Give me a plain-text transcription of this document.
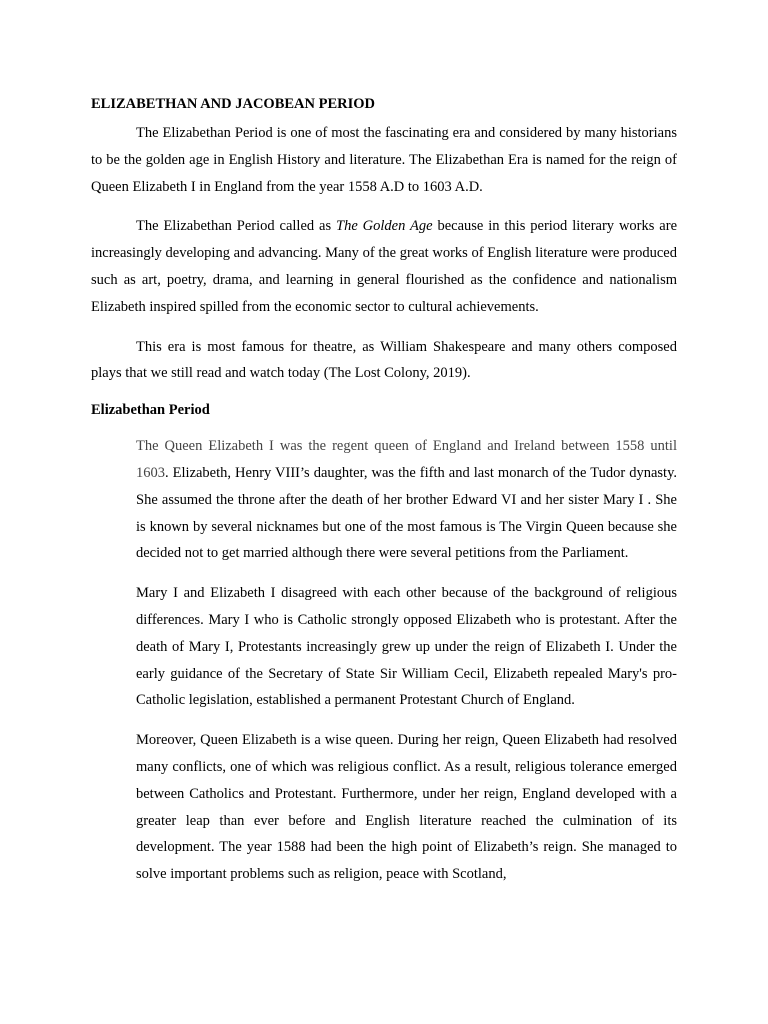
ELIZABETHAN AND JACOBEAN PERIOD

The Elizabethan Period is one of most the fascinating era and considered by many historians to be the golden age in English History and literature. The Elizabethan Era is named for the reign of Queen Elizabeth I in England from the year 1558 A.D to 1603 A.D.

The Elizabethan Period called as The Golden Age because in this period literary works are increasingly developing and advancing. Many of the great works of English literature were produced such as art, poetry, drama, and learning in general flourished as the confidence and nationalism Elizabeth inspired spilled from the economic sector to cultural achievements.

This era is most famous for theatre, as William Shakespeare and many others composed plays that we still read and watch today (The Lost Colony, 2019).

Elizabethan Period

The Queen Elizabeth I was the regent queen of England and Ireland between 1558 until 1603. Elizabeth, Henry VIII’s daughter, was the fifth and last monarch of the Tudor dynasty. She assumed the throne after the death of her brother Edward VI and her sister Mary I . She is known by several nicknames but one of the most famous is The Virgin Queen because she decided not to get married although there were several petitions from the Parliament.

Mary I and Elizabeth I disagreed with each other because of the background of religious differences. Mary I who is Catholic strongly opposed Elizabeth who is protestant. After the death of Mary I, Protestants increasingly grew up under the reign of Elizabeth I. Under the early guidance of the Secretary of State Sir William Cecil, Elizabeth repealed Mary's pro-Catholic legislation, established a permanent Protestant Church of England.

Moreover, Queen Elizabeth is a wise queen. During her reign, Queen Elizabeth had resolved many conflicts, one of which was religious conflict. As a result, religious tolerance emerged between Catholics and Protestant. Furthermore, under her reign, England developed with a greater leap than ever before and English literature reached the culmination of its development. The year 1588 had been the high point of Elizabeth’s reign. She managed to solve important problems such as religion, peace with Scotland,
